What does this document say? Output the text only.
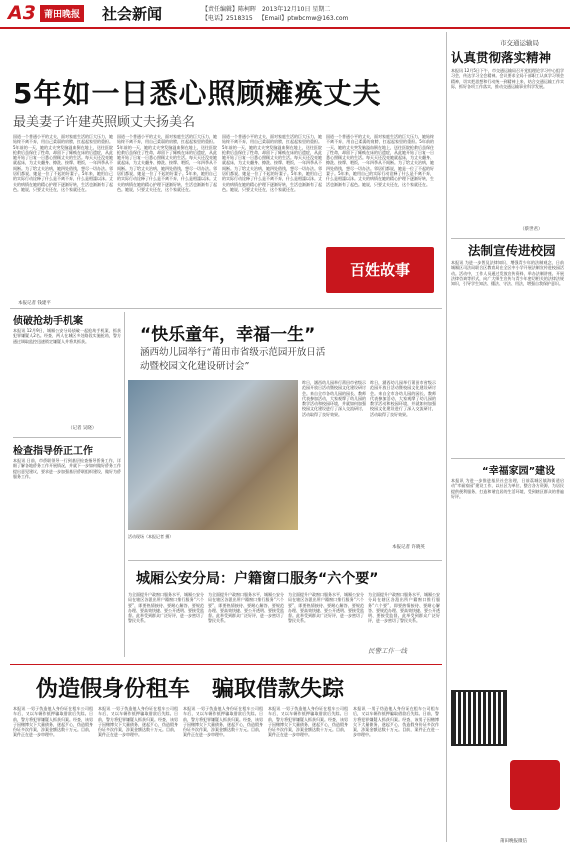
A3 莆田晚报 社会新闻	【责任编辑】陈柯晖 2013年12月10日 星期二
【电话】2518315 【Email】ptwbcmw@163.com
市交通运输局
认真贯彻落实精神
本报讯 12月5日下午，市交通运输局召开党组理论学习中心组学习会，传达学习全会精神。会议要求全局干部职工认真学习领会精神，切实把思想和行动统一到精神上来，结合交通运输工作实际，抓好各项工作落实，推动交通运输事业科学发展。
（蔡世君）
法制宣传进校园
本报讯 为进一步普及法律知识，增强青少年的法制观念，日前城厢区司法局联合区教育局在全区中小学开展法制宣传进校园活动。活动中，工作人员通过发放宣传资料、举办法制讲座、开展法律咨询等形式，向广大师生宣传与青少年密切相关的法律法规知识，引导学生知法、懂法、守法、用法，增强自我保护意识。
“幸福家园”建设
本报讯 为进一步推进基层社会治理，日前荔城区镇海街道启动“幸福家园”建设工作，以社区为单位，整合各方资源，为居民提供便利服务，打造和谐宜居的生活环境，受到辖区群众的普遍好评。
莆田晚报微信
5年如一日悉心照顾瘫痪丈夫
最美妻子许建英照顾丈夫扬美名
国道一个普通小平的丈夫，面对家庭生活的巨大压力，她始终不离不弃，用自己柔弱的肩膀，扛起起家里的重担。5年前的一天，她的丈夫突发脑溢血倒在地上，送往医院抢救后虽保住了性命，却留下了瘫痪在床的后遗症，从此她开始了日复一日悉心照顾丈夫的生活。每天天还没亮她就起床，为丈夫翻身、擦洗、按摩、喂饭，一年四季从不间断。为了给丈夫治病，她四处借钱，想尽一切办法。邻居们都说，她是一位了不起的好妻子。5年来，她用自己的实际行动诠释了什么是不离不弃，什么是相濡以沫。丈夫的病情在她的精心护理下逐渐好转，生活也渐渐有了起色。她说，只要丈夫还在，这个家就还在。
国道一个普通小平的丈夫，面对家庭生活的巨大压力，她始终不离不弃，用自己柔弱的肩膀，扛起起家里的重担。5年前的一天，她的丈夫突发脑溢血倒在地上，送往医院抢救后虽保住了性命，却留下了瘫痪在床的后遗症，从此她开始了日复一日悉心照顾丈夫的生活。每天天还没亮她就起床，为丈夫翻身、擦洗、按摩、喂饭，一年四季从不间断。为了给丈夫治病，她四处借钱，想尽一切办法。邻居们都说，她是一位了不起的好妻子。5年来，她用自己的实际行动诠释了什么是不离不弃，什么是相濡以沫。丈夫的病情在她的精心护理下逐渐好转，生活也渐渐有了起色。她说，只要丈夫还在，这个家就还在。
国道一个普通小平的丈夫，面对家庭生活的巨大压力，她始终不离不弃，用自己柔弱的肩膀，扛起起家里的重担。5年前的一天，她的丈夫突发脑溢血倒在地上，送往医院抢救后虽保住了性命，却留下了瘫痪在床的后遗症，从此她开始了日复一日悉心照顾丈夫的生活。每天天还没亮她就起床，为丈夫翻身、擦洗、按摩、喂饭，一年四季从不间断。为了给丈夫治病，她四处借钱，想尽一切办法。邻居们都说，她是一位了不起的好妻子。5年来，她用自己的实际行动诠释了什么是不离不弃，什么是相濡以沫。丈夫的病情在她的精心护理下逐渐好转，生活也渐渐有了起色。她说，只要丈夫还在，这个家就还在。
国道一个普通小平的丈夫，面对家庭生活的巨大压力，她始终不离不弃，用自己柔弱的肩膀，扛起起家里的重担。5年前的一天，她的丈夫突发脑溢血倒在地上，送往医院抢救后虽保住了性命，却留下了瘫痪在床的后遗症，从此她开始了日复一日悉心照顾丈夫的生活。每天天还没亮她就起床，为丈夫翻身、擦洗、按摩、喂饭，一年四季从不间断。为了给丈夫治病，她四处借钱，想尽一切办法。邻居们都说，她是一位了不起的好妻子。5年来，她用自己的实际行动诠释了什么是不离不弃，什么是相濡以沫。丈夫的病情在她的精心护理下逐渐好转，生活也渐渐有了起色。她说，只要丈夫还在，这个家就还在。
本报记者 钱建平
百姓故事
侦破抢劫手机案
本报讯 12月9日，城厢公安分局侦破一起抢劫手机案，抓获犯罪嫌疑人2名。经查，两人在城区多处路段实施抢劫，警方通过调取监控迅速锁定嫌疑人并将其抓获。
（记者 吴晓）
检查指导侨正工作
本报讯 日前，市侨联领导一行到基层检查指导侨务工作，详细了解各地侨务工作开展情况，并就下一步如何做好侨务工作提出意见建议，要求进一步加强基层侨联组织建设，做好为侨服务工作。
“快乐童年，幸福一生”
涵西幼儿园举行“莆田市省级示范园开放日活
动暨校园文化建设研讨会”
活动现场（本报记者 摄）
昨日，涵西幼儿园举行莆田市省级示范园开放日活动暨校园文化建设研讨会。来自全市各幼儿园的园长、教师代表参加活动，大家观摩了幼儿园的教学活动和校园环境，并就如何加强校园文化建设进行了深入交流研讨，活动取得了良好效果。
昨日，涵西幼儿园举行莆田市省级示范园开放日活动暨校园文化建设研讨会。来自全市各幼儿园的园长、教师代表参加活动，大家观摩了幼儿园的教学活动和校园环境，并就如何加强校园文化建设进行了深入交流研讨，活动取得了良好效果。
本报记者 许晓英
城厢公安分局：户籍窗口服务“六个要”
为全面提升户政窗口服务水平，城厢公安分局在辖区各派出所户籍窗口推行服务“六个要”，即要热情接待、要耐心解答、要规范办理、要高效快捷、要公开透明、要接受监督。此举受到群众广泛好评，进一步密切了警民关系。
为全面提升户政窗口服务水平，城厢公安分局在辖区各派出所户籍窗口推行服务“六个要”，即要热情接待、要耐心解答、要规范办理、要高效快捷、要公开透明、要接受监督。此举受到群众广泛好评，进一步密切了警民关系。
为全面提升户政窗口服务水平，城厢公安分局在辖区各派出所户籍窗口推行服务“六个要”，即要热情接待、要耐心解答、要规范办理、要高效快捷、要公开透明、要接受监督。此举受到群众广泛好评，进一步密切了警民关系。
为全面提升户政窗口服务水平，城厢公安分局在辖区各派出所户籍窗口推行服务“六个要”，即要热情接待、要耐心解答、要规范办理、要高效快捷、要公开透明、要接受监督。此举受到群众广泛好评，进一步密切了警民关系。
民警工作一线
伪造假身份租车　骗取借款失踪
本报讯 一男子伪造他人身份证在租车公司租车后，又以车辆作抵押骗取借款后失踪。日前，警方将犯罪嫌疑人抓获归案。经查，该男子因赌博欠下大量债务，遂起歹心，伪造假身份证多次作案，涉案金额达数十万元。目前，案件正在进一步审理中。
本报讯 一男子伪造他人身份证在租车公司租车后，又以车辆作抵押骗取借款后失踪。日前，警方将犯罪嫌疑人抓获归案。经查，该男子因赌博欠下大量债务，遂起歹心，伪造假身份证多次作案，涉案金额达数十万元。目前，案件正在进一步审理中。
本报讯 一男子伪造他人身份证在租车公司租车后，又以车辆作抵押骗取借款后失踪。日前，警方将犯罪嫌疑人抓获归案。经查，该男子因赌博欠下大量债务，遂起歹心，伪造假身份证多次作案，涉案金额达数十万元。目前，案件正在进一步审理中。
本报讯 一男子伪造他人身份证在租车公司租车后，又以车辆作抵押骗取借款后失踪。日前，警方将犯罪嫌疑人抓获归案。经查，该男子因赌博欠下大量债务，遂起歹心，伪造假身份证多次作案，涉案金额达数十万元。目前，案件正在进一步审理中。
本报讯 一男子伪造他人身份证在租车公司租车后，又以车辆作抵押骗取借款后失踪。日前，警方将犯罪嫌疑人抓获归案。经查，该男子因赌博欠下大量债务，遂起歹心，伪造假身份证多次作案，涉案金额达数十万元。目前，案件正在进一步审理中。
